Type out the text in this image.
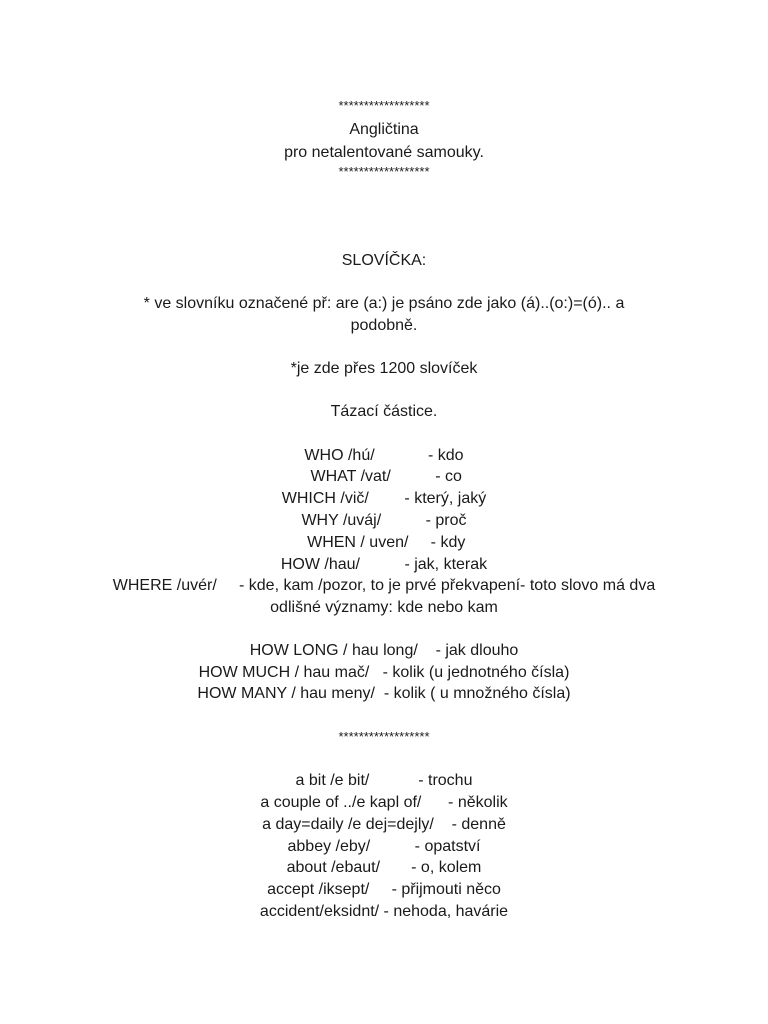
******************
Angličtina
pro netalentované samouky.
******************
SLOVÍČKA:
* ve slovníku označené př: are (a:) je psáno zde jako (á)..(o:)=(ó).. a
podobně.
*je zde přes 1200 slovíček
Tázací částice.
WHO /hú/            - kdo
WHAT /vat/          - co
WHICH /vič/        - který, jaký
WHY /uváj/          - proč
WHEN / uven/     - kdy
HOW /hau/          - jak, kterak
WHERE /uvér/     - kde, kam /pozor, to je prvé překvapení- toto slovo má dva
odlišné významy: kde nebo kam
HOW LONG / hau long/    - jak dlouho
HOW MUCH / hau mač/   - kolik (u jednotného čísla)
HOW MANY / hau meny/  - kolik ( u množného čísla)
******************
a bit /e bit/           - trochu
a couple of ../e kapl of/      - několik
a day=daily /e dej=dejly/    - denně
abbey /eby/          - opatství
about /ebaut/       - o, kolem
accept /iksept/     - přijmouti něco
accident/eksidnt/ - nehoda, havárie
